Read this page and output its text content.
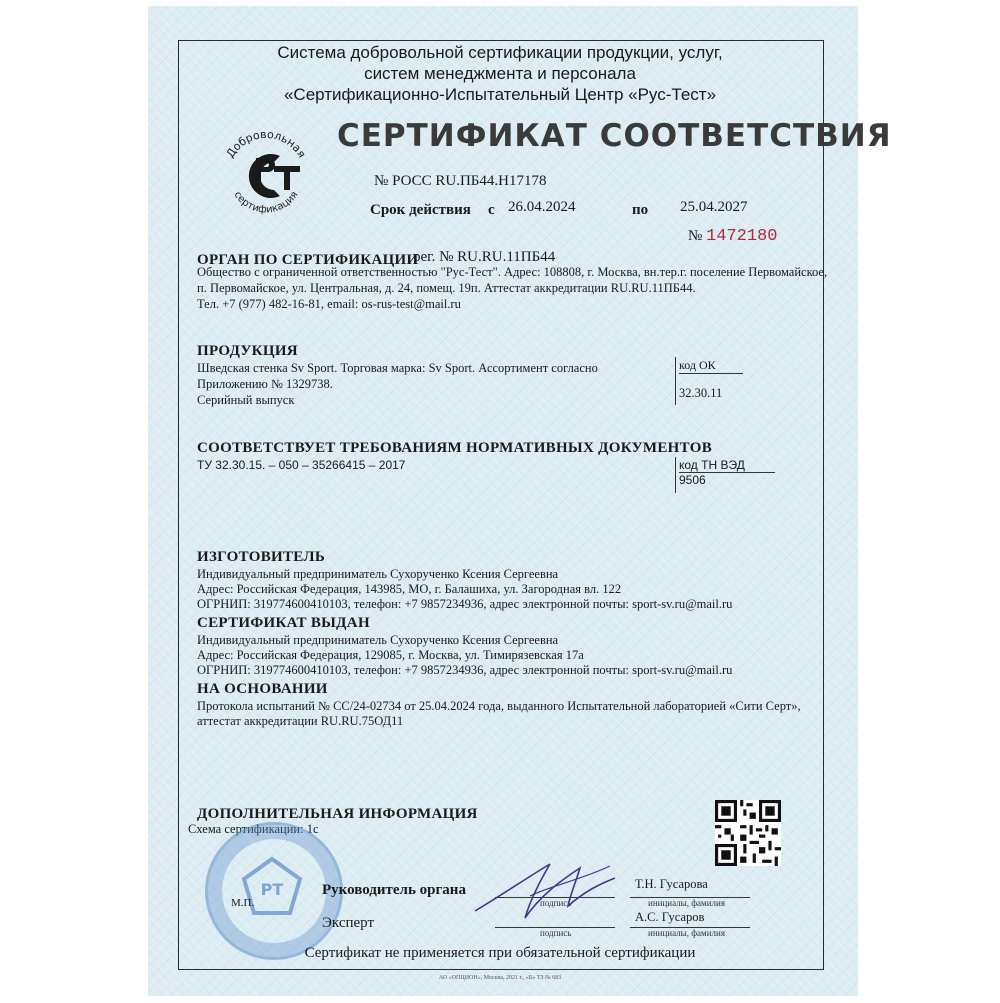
Система добровольной сертификации продукции, услуг,
систем менеджмента и персонала
«Сертификационно-Испытательный Центр «Рус-Тест»
Добровольная
сертификация
СЕРТИФИКАТ СООТВЕТСТВИЯ
№ РОСС RU.ПБ44.Н17178
Срок действия с 26.04.2024	по 25.04.2027
№ 1472180
ОРГАН ПО СЕРТИФИКАЦИИ
рег. № RU.RU.11ПБ44
Общество с ограниченной ответственностью "Рус-Тест". Адрес: 108808, г. Москва, вн.тер.г. поселение Первомайское,
п. Первомайское, ул. Центральная, д. 24, помещ. 19п. Аттестат аккредитации RU.RU.11ПБ44.
Тел. +7 (977) 482-16-81, email: os-rus-test@mail.ru
ПРОДУКЦИЯ
Шведская стенка Sv Sport. Торговая марка: Sv Sport. Ассортимент согласно
Приложению № 1329738.
Серийный выпуск
код ОК
32.30.11
СООТВЕТСТВУЕТ ТРЕБОВАНИЯМ НОРМАТИВНЫХ ДОКУМЕНТОВ
ТУ 32.30.15. – 050 – 35266415 – 2017	код ТН ВЭД
9506
ИЗГОТОВИТЕЛЬ
Индивидуальный предприниматель Сухорученко Ксения Сергеевна
Адрес: Российская Федерация, 143985, МО, г. Балашиха, ул. Загородная вл. 122
ОГРНИП: 319774600410103, телефон: +7 9857234936, адрес электронной почты: sport-sv.ru@mail.ru
СЕРТИФИКАТ ВЫДАН
Индивидуальный предприниматель Сухорученко Ксения Сергеевна
Адрес: Российская Федерация, 129085, г. Москва, ул. Тимирязевская 17а
ОГРНИП: 319774600410103, телефон: +7 9857234936, адрес электронной почты: sport-sv.ru@mail.ru
НА ОСНОВАНИИ
Протокола испытаний № СС/24-02734 от 25.04.2024 года, выданного Испытательной лабораторией «Сити Серт»,
аттестат аккредитации RU.RU.75ОД11
ДОПОЛНИТЕЛЬНАЯ ИНФОРМАЦИЯ
Схема сертификации: 1с
РТ
М.П.
Руководитель органа
Эксперт
подпись
подпись
Т.Н. Гусарова
инициалы, фамилия
А.С. Гусаров
инициалы, фамилия
Сертификат не применяется при обязательной сертификации
АО «ОПЦИОН», Москва, 2021 г., «Б» ТЗ № 683
